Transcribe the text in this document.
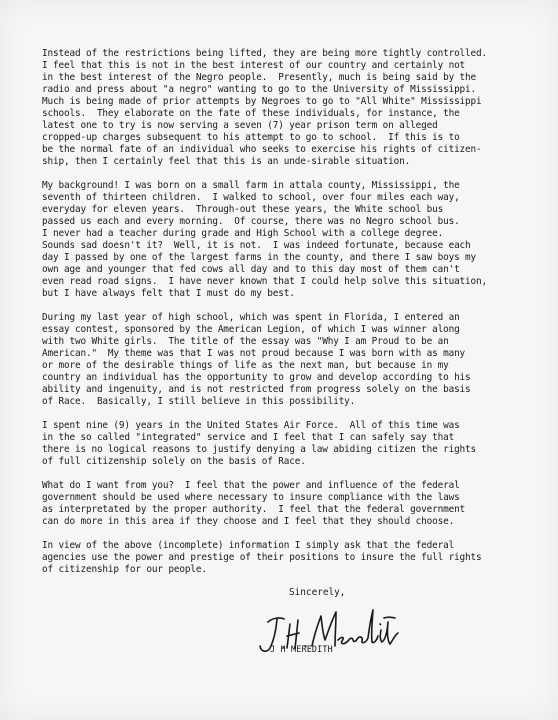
Instead of the restrictions being lifted, they are being more tightly controlled.
I feel that this is not in the best interest of our country and certainly not
in the best interest of the Negro people.  Presently, much is being said by the
radio and press about "a negro" wanting to go to the University of Mississippi.
Much is being made of prior attempts by Negroes to go to "All White" Mississippi
schools.  They elaborate on the fate of these individuals, for instance, the
latest one to try is now serving a seven (7) year prison term on alleged
cropped-up charges subsequent to his attempt to go to school.  If this is to
be the normal fate of an individual who seeks to exercise his rights of citizen-
ship, then I certainly feel that this is an unde-sirable situation.
My background! I was born on a small farm in attala county, Mississippi, the
seventh of thirteen children.  I walked to school, over four miles each way,
everyday for eleven years.  Through-out these years, the White school bus
passed us each and every morning.  Of course, there was no Negro school bus.
I never had a teacher during grade and High School with a college degree.
Sounds sad doesn't it?  Well, it is not.  I was indeed fortunate, because each
day I passed by one of the largest farms in the county, and there I saw boys my
own age and younger that fed cows all day and to this day most of them can't
even read road signs.  I have never known that I could help solve this situation,
but I have always felt that I must do my best.
During my last year of high school, which was spent in Florida, I entered an
essay contest, sponsored by the American Legion, of which I was winner along
with two White girls.  The title of the essay was "Why I am Proud to be an
American."  My theme was that I was not proud because I was born with as many
or more of the desirable things of life as the next man, but because in my
country an individual has the opportunity to grow and develop according to his
ability and ingenuity, and is not restricted from progress solely on the basis
of Race.  Basically, I still believe in this possibility.
I spent nine (9) years in the United States Air Force.  All of this time was
in the so called "integrated" service and I feel that I can safely say that
there is no logical reasons to justify denying a law abiding citizen the rights
of full citizenship solely on the basis of Race.
What do I want from you?  I feel that the power and influence of the federal
government should be used where necessary to insure compliance with the laws
as interpretated by the proper authority.  I feel that the federal government
can do more in this area if they choose and I feel that they should choose.
In view of the above (incomplete) information I simply ask that the federal
agencies use the power and prestige of their positions to insure the full rights
of citizenship for our people.
Sincerely,
J H MEREDITH
